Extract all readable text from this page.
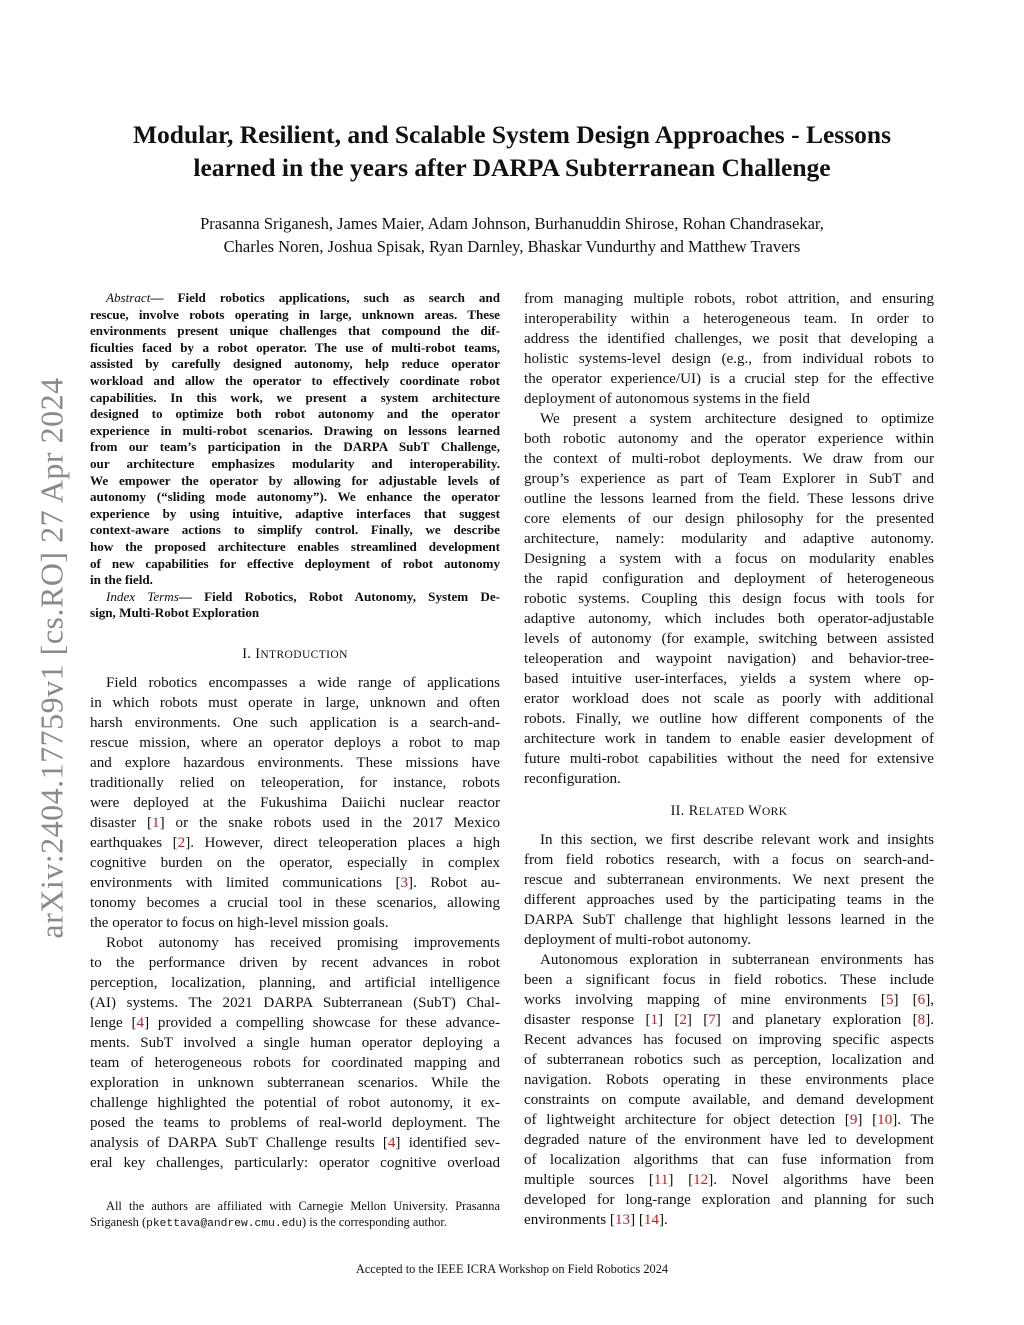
arXiv:2404.17759v1 [cs.RO] 27 Apr 2024
Modular, Resilient, and Scalable System Design Approaches - Lessons
learned in the years after DARPA Subterranean Challenge
Prasanna Sriganesh, James Maier, Adam Johnson, Burhanuddin Shirose, Rohan Chandrasekar,
Charles Noren, Joshua Spisak, Ryan Darnley, Bhaskar Vundurthy and Matthew Travers
Abstract— Field robotics applications, such as search and
rescue, involve robots operating in large, unknown areas. These
environments present unique challenges that compound the dif-
ficulties faced by a robot operator. The use of multi-robot teams,
assisted by carefully designed autonomy, help reduce operator
workload and allow the operator to effectively coordinate robot
capabilities. In this work, we present a system architecture
designed to optimize both robot autonomy and the operator
experience in multi-robot scenarios. Drawing on lessons learned
from our team’s participation in the DARPA SubT Challenge,
our architecture emphasizes modularity and interoperability.
We empower the operator by allowing for adjustable levels of
autonomy (“sliding mode autonomy”). We enhance the operator
experience by using intuitive, adaptive interfaces that suggest
context-aware actions to simplify control. Finally, we describe
how the proposed architecture enables streamlined development
of new capabilities for effective deployment of robot autonomy
in the field.
Index Terms— Field Robotics, Robot Autonomy, System De-
sign, Multi-Robot Exploration
I. INTRODUCTION
Field robotics encompasses a wide range of applications
in which robots must operate in large, unknown and often
harsh environments. One such application is a search-and-
rescue mission, where an operator deploys a robot to map
and explore hazardous environments. These missions have
traditionally relied on teleoperation, for instance, robots
were deployed at the Fukushima Daiichi nuclear reactor
disaster [1] or the snake robots used in the 2017 Mexico
earthquakes [2]. However, direct teleoperation places a high
cognitive burden on the operator, especially in complex
environments with limited communications [3]. Robot au-
tonomy becomes a crucial tool in these scenarios, allowing
the operator to focus on high-level mission goals.
Robot autonomy has received promising improvements
to the performance driven by recent advances in robot
perception, localization, planning, and artificial intelligence
(AI) systems. The 2021 DARPA Subterranean (SubT) Chal-
lenge [4] provided a compelling showcase for these advance-
ments. SubT involved a single human operator deploying a
team of heterogeneous robots for coordinated mapping and
exploration in unknown subterranean scenarios. While the
challenge highlighted the potential of robot autonomy, it ex-
posed the teams to problems of real-world deployment. The
analysis of DARPA SubT Challenge results [4] identified sev-
eral key challenges, particularly: operator cognitive overload
All the authors are affiliated with Carnegie Mellon University. Prasanna
Sriganesh (pkettava@andrew.cmu.edu) is the corresponding author.
from managing multiple robots, robot attrition, and ensuring
interoperability within a heterogeneous team. In order to
address the identified challenges, we posit that developing a
holistic systems-level design (e.g., from individual robots to
the operator experience/UI) is a crucial step for the effective
deployment of autonomous systems in the field
We present a system architecture designed to optimize
both robotic autonomy and the operator experience within
the context of multi-robot deployments. We draw from our
group’s experience as part of Team Explorer in SubT and
outline the lessons learned from the field. These lessons drive
core elements of our design philosophy for the presented
architecture, namely: modularity and adaptive autonomy.
Designing a system with a focus on modularity enables
the rapid configuration and deployment of heterogeneous
robotic systems. Coupling this design focus with tools for
adaptive autonomy, which includes both operator-adjustable
levels of autonomy (for example, switching between assisted
teleoperation and waypoint navigation) and behavior-tree-
based intuitive user-interfaces, yields a system where op-
erator workload does not scale as poorly with additional
robots. Finally, we outline how different components of the
architecture work in tandem to enable easier development of
future multi-robot capabilities without the need for extensive
reconfiguration.
II. RELATED WORK
In this section, we first describe relevant work and insights
from field robotics research, with a focus on search-and-
rescue and subterranean environments. We next present the
different approaches used by the participating teams in the
DARPA SubT challenge that highlight lessons learned in the
deployment of multi-robot autonomy.
Autonomous exploration in subterranean environments has
been a significant focus in field robotics. These include
works involving mapping of mine environments [5] [6],
disaster response [1] [2] [7] and planetary exploration [8].
Recent advances has focused on improving specific aspects
of subterranean robotics such as perception, localization and
navigation. Robots operating in these environments place
constraints on compute available, and demand development
of lightweight architecture for object detection [9] [10]. The
degraded nature of the environment have led to development
of localization algorithms that can fuse information from
multiple sources [11] [12]. Novel algorithms have been
developed for long-range exploration and planning for such
environments [13] [14].
Accepted to the IEEE ICRA Workshop on Field Robotics 2024
